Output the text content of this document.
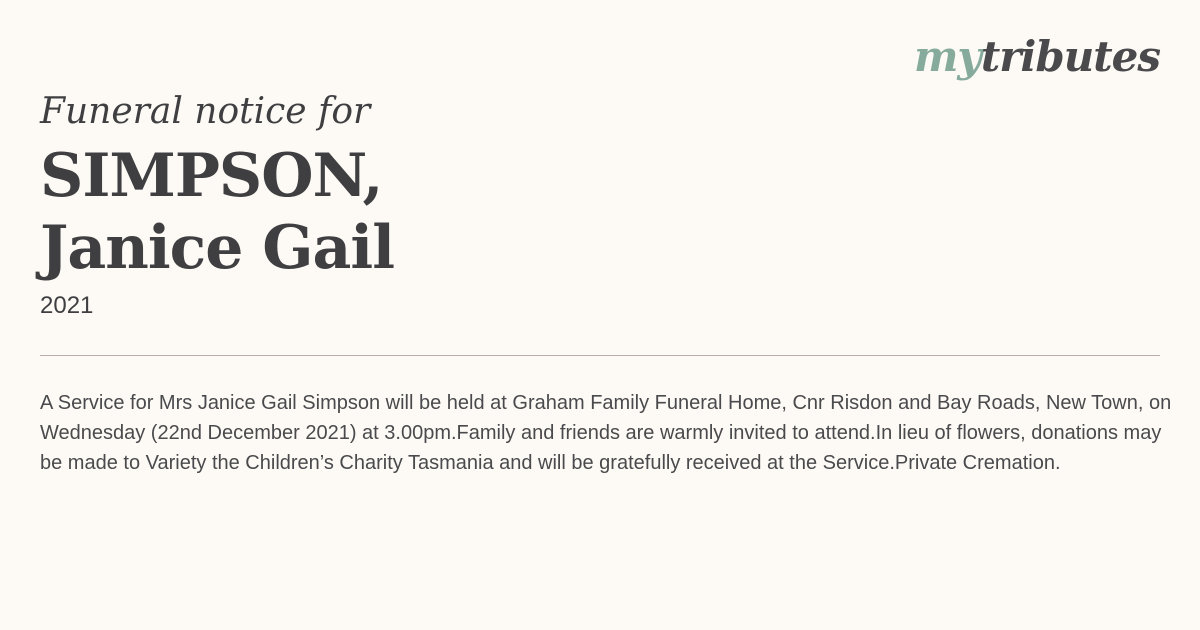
mytributes
Funeral notice for
SIMPSON,
Janice Gail
2021
A Service for Mrs Janice Gail Simpson will be held at Graham Family Funeral Home, Cnr Risdon and Bay Roads, New Town, on Wednesday (22nd December 2021) at 3.00pm.Family and friends are warmly invited to attend.In lieu of flowers, donations may be made to Variety the Children’s Charity Tasmania and will be gratefully received at the Service.Private Cremation.
